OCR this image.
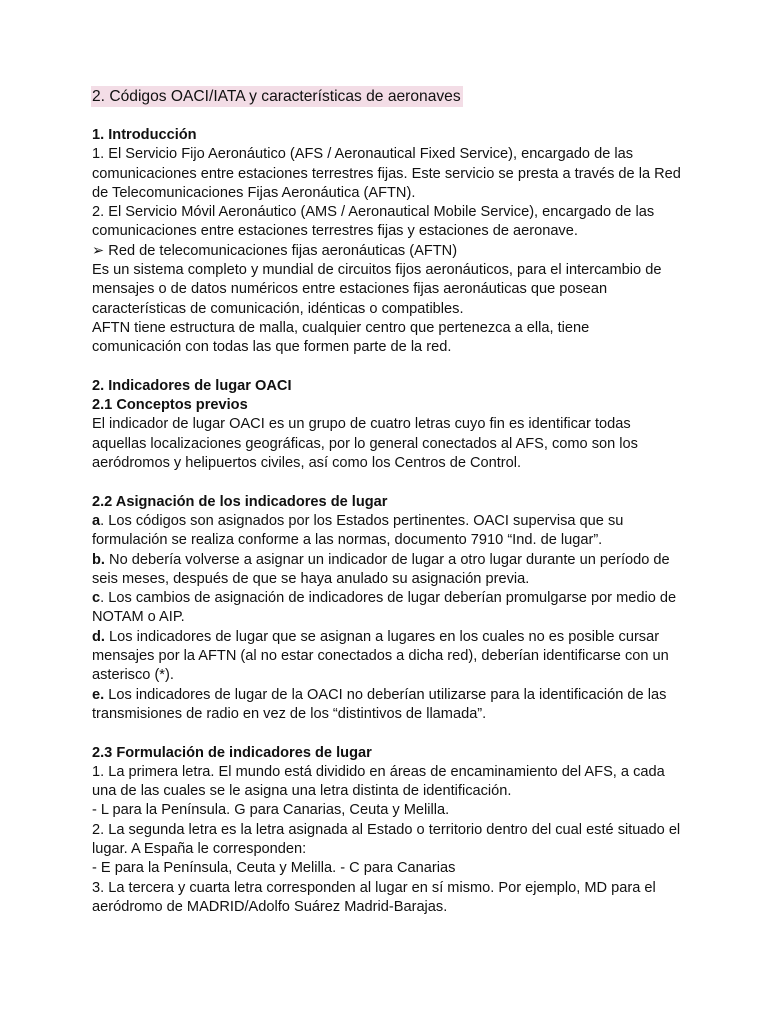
2. Códigos OACI/IATA y características de aeronaves
1. Introducción

1. El Servicio Fijo Aeronáutico (AFS / Aeronautical Fixed Service), encargado de las comunicaciones entre estaciones terrestres fijas. Este servicio se presta a través de la Red de Telecomunicaciones Fijas Aeronáutica (AFTN).

2. El Servicio Móvil Aeronáutico (AMS / Aeronautical Mobile Service), encargado de las comunicaciones entre estaciones terrestres fijas y estaciones de aeronave.

➢ Red de telecomunicaciones fijas aeronáuticas (AFTN)

Es un sistema completo y mundial de circuitos fijos aeronáuticos, para el intercambio de mensajes o de datos numéricos entre estaciones fijas aeronáuticas que posean características de comunicación, idénticas o compatibles.

AFTN tiene estructura de malla, cualquier centro que pertenezca a ella, tiene comunicación con todas las que formen parte de la red.

2. Indicadores de lugar OACI
2.1 Conceptos previos

El indicador de lugar OACI es un grupo de cuatro letras cuyo fin es identificar todas aquellas localizaciones geográficas, por lo general conectados al AFS, como son los aeródromos y helipuertos civiles, así como los Centros de Control.

2.2 Asignación de los indicadores de lugar

a. Los códigos son asignados por los Estados pertinentes. OACI supervisa que su formulación se realiza conforme a las normas, documento 7910 “Ind. de lugar”.

b. No debería volverse a asignar un indicador de lugar a otro lugar durante un período de seis meses, después de que se haya anulado su asignación previa.

c. Los cambios de asignación de indicadores de lugar deberían promulgarse por medio de NOTAM o AIP.

d. Los indicadores de lugar que se asignan a lugares en los cuales no es posible cursar mensajes por la AFTN (al no estar conectados a dicha red), deberían identificarse con un asterisco (*).

e. Los indicadores de lugar de la OACI no deberían utilizarse para la identificación de las transmisiones de radio en vez de los “distintivos de llamada”.

2.3 Formulación de indicadores de lugar

1. La primera letra. El mundo está dividido en áreas de encaminamiento del AFS, a cada una de las cuales se le asigna una letra distinta de identificación.

- L para la Península. G para Canarias, Ceuta y Melilla.

2. La segunda letra es la letra asignada al Estado o territorio dentro del cual esté situado el lugar. A España le corresponden:

- E para la Península, Ceuta y Melilla. - C para Canarias

3. La tercera y cuarta letra corresponden al lugar en sí mismo. Por ejemplo, MD para el aeródromo de MADRID/Adolfo Suárez Madrid-Barajas.
